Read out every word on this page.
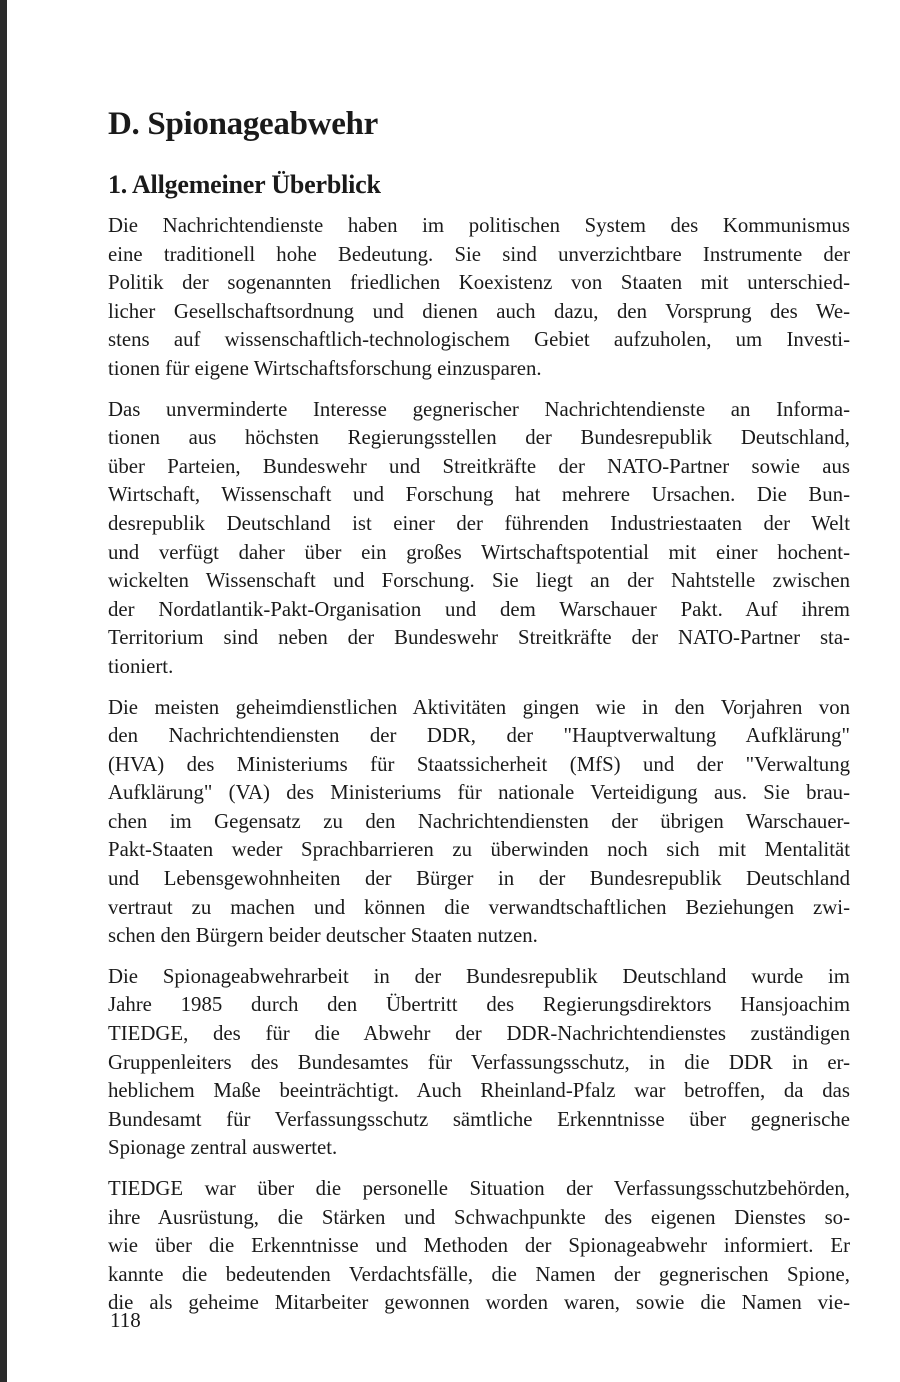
D. Spionageabwehr
1. Allgemeiner Überblick

Die Nachrichtendienste haben im politischen System des Kommunismus
eine traditionell hohe Bedeutung. Sie sind unverzichtbare Instrumente der
Politik der sogenannten friedlichen Koexistenz von Staaten mit unterschied-
licher Gesellschaftsordnung und dienen auch dazu, den Vorsprung des We-
stens auf wissenschaftlich-technologischem Gebiet aufzuholen, um Investi-
tionen für eigene Wirtschaftsforschung einzusparen.

Das unverminderte Interesse gegnerischer Nachrichtendienste an Informa-
tionen aus höchsten Regierungsstellen der Bundesrepublik Deutschland,
über Parteien, Bundeswehr und Streitkräfte der NATO-Partner sowie aus
Wirtschaft, Wissenschaft und Forschung hat mehrere Ursachen. Die Bun-
desrepublik Deutschland ist einer der führenden Industriestaaten der Welt
und verfügt daher über ein großes Wirtschaftspotential mit einer hochent-
wickelten Wissenschaft und Forschung. Sie liegt an der Nahtstelle zwischen
der Nordatlantik-Pakt-Organisation und dem Warschauer Pakt. Auf ihrem
Territorium sind neben der Bundeswehr Streitkräfte der NATO-Partner sta-
tioniert.

Die meisten geheimdienstlichen Aktivitäten gingen wie in den Vorjahren von
den Nachrichtendiensten der DDR, der "Hauptverwaltung Aufklärung"
(HVA) des Ministeriums für Staatssicherheit (MfS) und der "Verwaltung
Aufklärung" (VA) des Ministeriums für nationale Verteidigung aus. Sie brau-
chen im Gegensatz zu den Nachrichtendiensten der übrigen Warschauer-
Pakt-Staaten weder Sprachbarrieren zu überwinden noch sich mit Mentalität
und Lebensgewohnheiten der Bürger in der Bundesrepublik Deutschland
vertraut zu machen und können die verwandtschaftlichen Beziehungen zwi-
schen den Bürgern beider deutscher Staaten nutzen.

Die Spionageabwehrarbeit in der Bundesrepublik Deutschland wurde im
Jahre 1985 durch den Übertritt des Regierungsdirektors Hansjoachim
TIEDGE, des für die Abwehr der DDR-Nachrichtendienstes zuständigen
Gruppenleiters des Bundesamtes für Verfassungsschutz, in die DDR in er-
heblichem Maße beeinträchtigt. Auch Rheinland-Pfalz war betroffen, da das
Bundesamt für Verfassungsschutz sämtliche Erkenntnisse über gegnerische
Spionage zentral auswertet.

TIEDGE war über die personelle Situation der Verfassungsschutzbehörden,
ihre Ausrüstung, die Stärken und Schwachpunkte des eigenen Dienstes so-
wie über die Erkenntnisse und Methoden der Spionageabwehr informiert. Er
kannte die bedeutenden Verdachtsfälle, die Namen der gegnerischen Spione,
die als geheime Mitarbeiter gewonnen worden waren, sowie die Namen vie-

118
